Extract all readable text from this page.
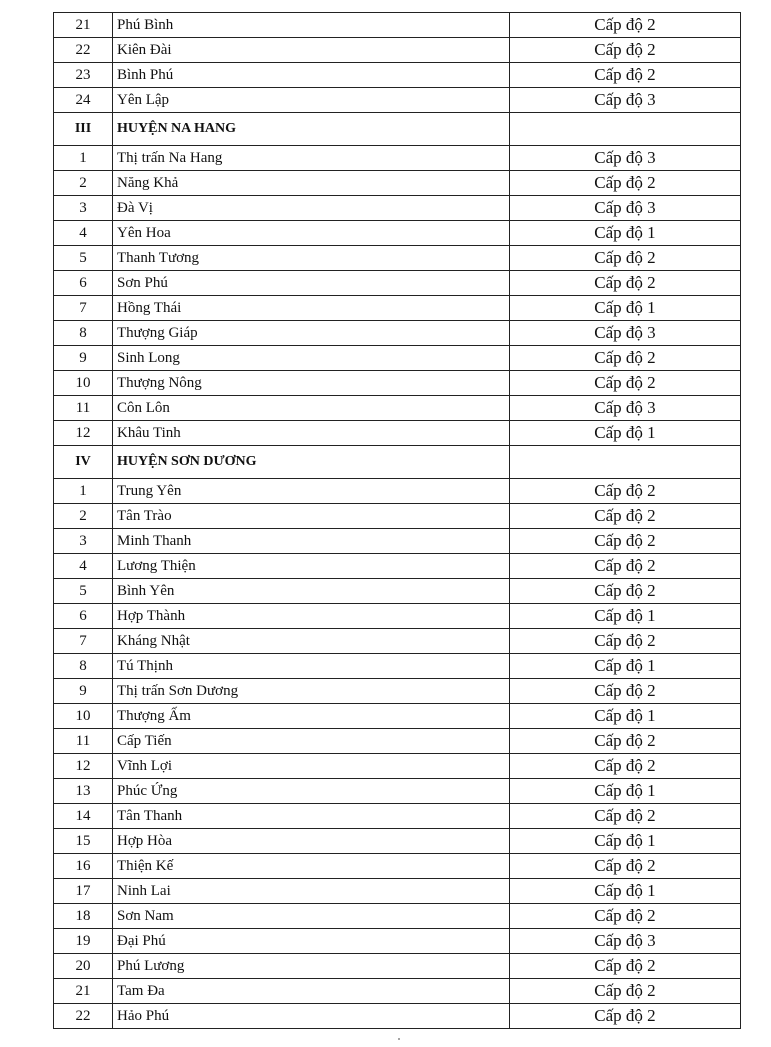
21	Phú Bình	Cấp độ 2
22	Kiên Đài	Cấp độ 2
23	Bình Phú	Cấp độ 2
24	Yên Lập	Cấp độ 3
III	HUYỆN NA HANG	
1	Thị trấn Na Hang	Cấp độ 3
2	Năng Khả	Cấp độ 2
3	Đà Vị	Cấp độ 3
4	Yên Hoa	Cấp độ 1
5	Thanh Tương	Cấp độ 2
6	Sơn Phú	Cấp độ 2
7	Hồng Thái	Cấp độ 1
8	Thượng Giáp	Cấp độ 3
9	Sinh Long	Cấp độ 2
10	Thượng Nông	Cấp độ 2
11	Côn Lôn	Cấp độ 3
12	Khâu Tinh	Cấp độ 1
IV	HUYỆN SƠN DƯƠNG	
1	Trung Yên	Cấp độ 2
2	Tân Trào	Cấp độ 2
3	Minh Thanh	Cấp độ 2
4	Lương Thiện	Cấp độ 2
5	Bình Yên	Cấp độ 2
6	Hợp Thành	Cấp độ 1
7	Kháng Nhật	Cấp độ 2
8	Tú Thịnh	Cấp độ 1
9	Thị trấn Sơn Dương	Cấp độ 2
10	Thượng Ấm	Cấp độ 1
11	Cấp Tiến	Cấp độ 2
12	Vĩnh Lợi	Cấp độ 2
13	Phúc Ứng	Cấp độ 1
14	Tân Thanh	Cấp độ 2
15	Hợp Hòa	Cấp độ 1
16	Thiện Kế	Cấp độ 2
17	Ninh Lai	Cấp độ 1
18	Sơn Nam	Cấp độ 2
19	Đại Phú	Cấp độ 3
20	Phú Lương	Cấp độ 2
21	Tam Đa	Cấp độ 2
22	Hảo Phú	Cấp độ 2
